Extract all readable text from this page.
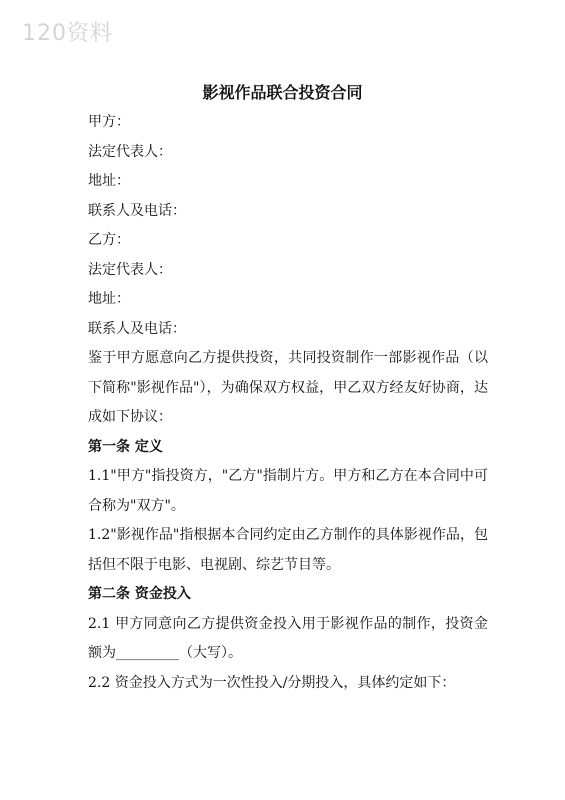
120资料
影视作品联合投资合同
甲方：
法定代表人：
地址：
联系人及电话：
乙方：
法定代表人：
地址：
联系人及电话：
鉴于甲方愿意向乙方提供投资，共同投资制作一部影视作品（以下简称"影视作品"），为确保双方权益，甲乙双方经友好协商，达成如下协议：
第一条 定义
1.1"甲方"指投资方，"乙方"指制片方。甲方和乙方在本合同中可合称为"双方"。
1.2"影视作品"指根据本合同约定由乙方制作的具体影视作品，包括但不限于电影、电视剧、综艺节目等。
第二条 资金投入
2.1 甲方同意向乙方提供资金投入用于影视作品的制作，投资金额为_________（大写）。
2.2 资金投入方式为一次性投入/分期投入，具体约定如下：
